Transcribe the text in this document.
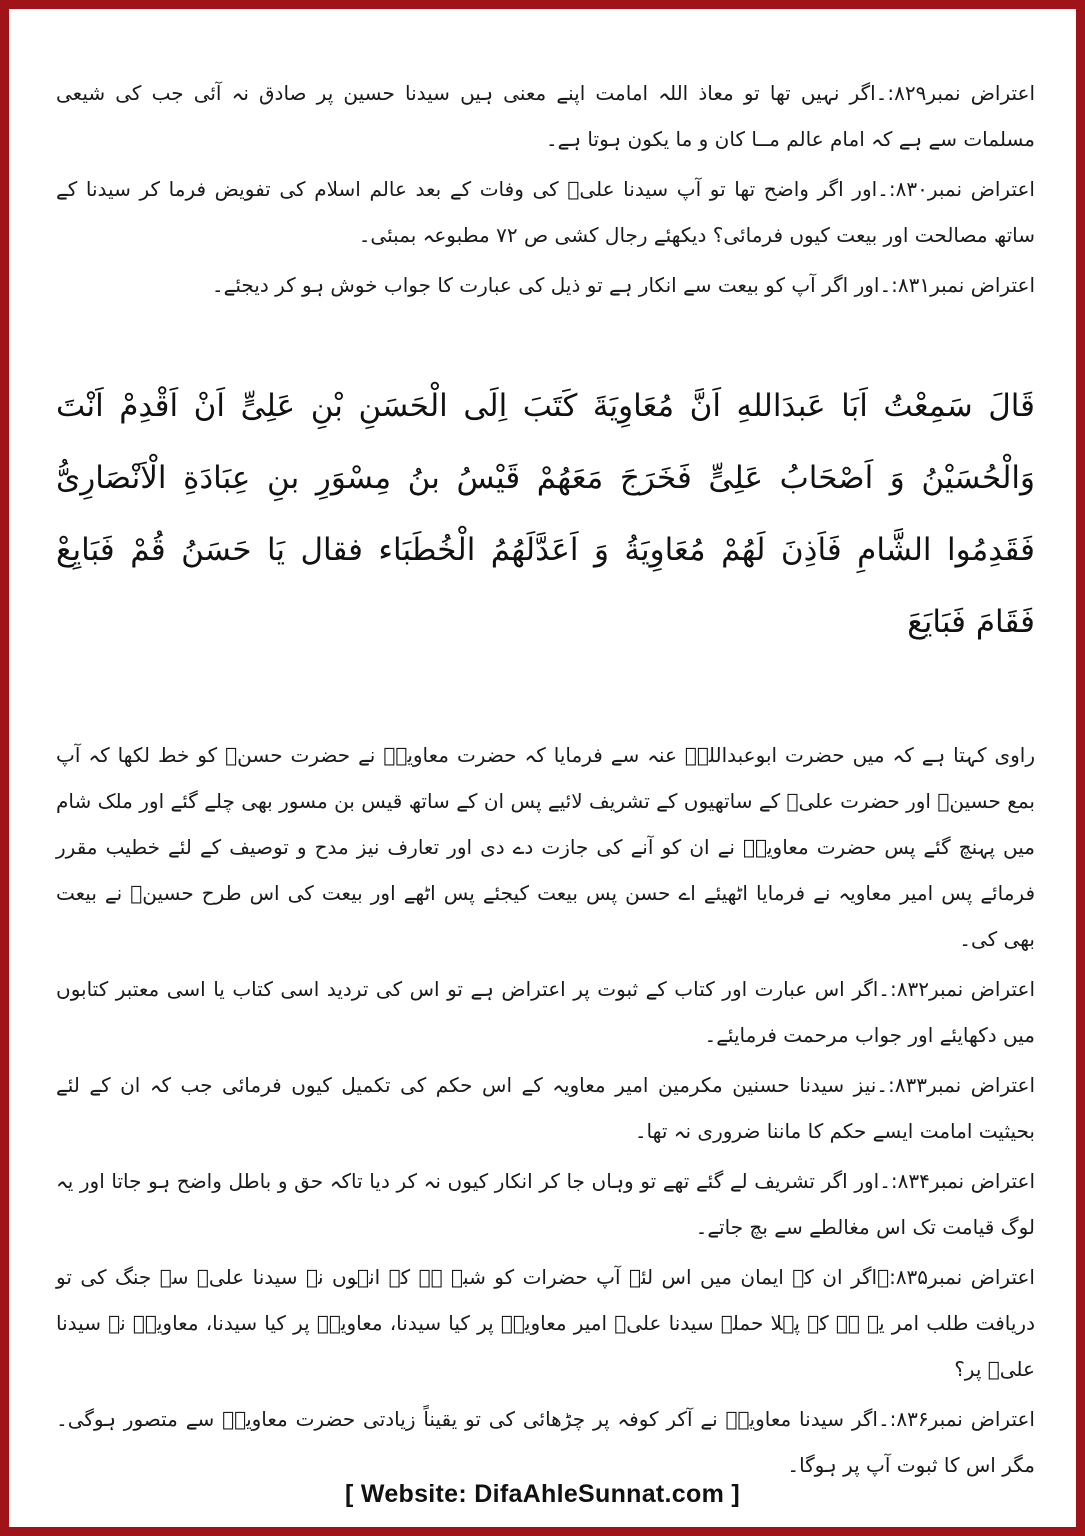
اعتراض نمبر۸۲۹:۔اگر نہیں تھا تو معاذ اللہ امامت اپنے معنی ہیں سیدنا حسین پر صادق نہ آئی جب کی شیعی مسلمات سے ہے کہ امام عالم مــا کان و ما یکون ہوتا ہے۔

اعتراض نمبر۸۳۰:۔اور اگر واضح تھا تو آپ سیدنا علیؓ کی وفات کے بعد عالم اسلام کی تفویض فرما کر سیدنا کے ساتھ مصالحت اور بیعت کیوں فرمائی؟ دیکھئے رجال کشی ص ۷۲ مطبوعہ بمبئی۔

اعتراض نمبر۸۳۱:۔اور اگر آپ کو بیعت سے انکار ہے تو ذیل کی عبارت کا جواب خوش ہو کر دیجئے۔

قَالَ سَمِعْتُ اَبَا عَبدَاللهِ اَنَّ مُعَاوِيَةَ كَتَبَ اِلَى الْحَسَنِ بْنِ عَلِىٍّ اَنْ اَقْدِمْ اَنْتَ وَالْحُسَيْنُ وَ اَصْحَابُ عَلِىٍّ فَخَرَجَ مَعَهُمْ قَيْسُ بنُ مِسْوَرِ بنِ عِبَادَةِ الْاَنْصَارِىُّ فَقَدِمُوا الشَّامِ فَاَذِنَ لَهُمْ مُعَاوِيَةُ وَ اَعَدَّلَهُمُ الْخُطَبَاء فقال يَا حَسَنُ قُمْ فَبَايِعْ فَقَامَ فَبَايَعَ

راوی کہتا ہے کہ میں حضرت ابوعبداللہؓ عنہ سے فرمایا کہ حضرت معاویہؓ نے حضرت حسنؓ کو خط لکھا کہ آپ بمع حسینؓ اور حضرت علیؓ کے ساتھیوں کے تشریف لائیے پس ان کے ساتھ قیس بن مسور بھی چلے گئے اور ملک شام میں پہنچ گئے پس حضرت معاویہؓ نے ان کو آنے کی جازت دے دی اور تعارف نیز مدح و توصیف کے لئے خطیب مقرر فرمائے پس امیر معاویہ نے فرمایا اٹھیئے اے حسن پس بیعت کیجئے پس اٹھے اور بیعت کی اس طرح حسینؓ نے بیعت بھی کی۔

اعتراض نمبر۸۳۲:۔اگر اس عبارت اور کتاب کے ثبوت پر اعتراض ہے تو اس کی تردید اسی کتاب یا اسی معتبر کتابوں میں دکھایئے اور جواب مرحمت فرمایئے۔

اعتراض نمبر۸۳۳:۔نیز سیدنا حسنین مکرمین امیر معاویہ کے اس حکم کی تکمیل کیوں فرمائی جب کہ ان کے لئے بحیثیت امامت ایسے حکم کا ماننا ضروری نہ تھا۔

اعتراض نمبر۸۳۴:۔اور اگر تشریف لے گئے تھے تو وہاں جا کر انکار کیوں نہ کر دیا تاکہ حق و باطل واضح ہو جاتا اور یہ لوگ قیامت تک اس مغالطے سے بچ جاتے۔

اعتراض نمبر۸۳۵:۔اگر ان کے ایمان میں اس لئے آپ حضرات کو شبہ ہے کہ انہوں نے سیدنا علیؓ سے جنگ کی تو دریافت طلب امر یہ ہے کہ پہلا حملہ سیدنا علیؓ امیر معاویہؓ پر کیا سیدنا، معاویہؓ پر کیا سیدنا، معاویہؓ نے سیدنا علیؓ پر؟

اعتراض نمبر۸۳۶:۔اگر سیدنا معاویہؓ نے آکر کوفہ پر چڑھائی کی تو یقیناً زیادتی حضرت معاویہؓ سے متصور ہوگی۔ مگر اس کا ثبوت آپ پر ہوگا۔

[ Website: DifaAhleSunnat.com ]
